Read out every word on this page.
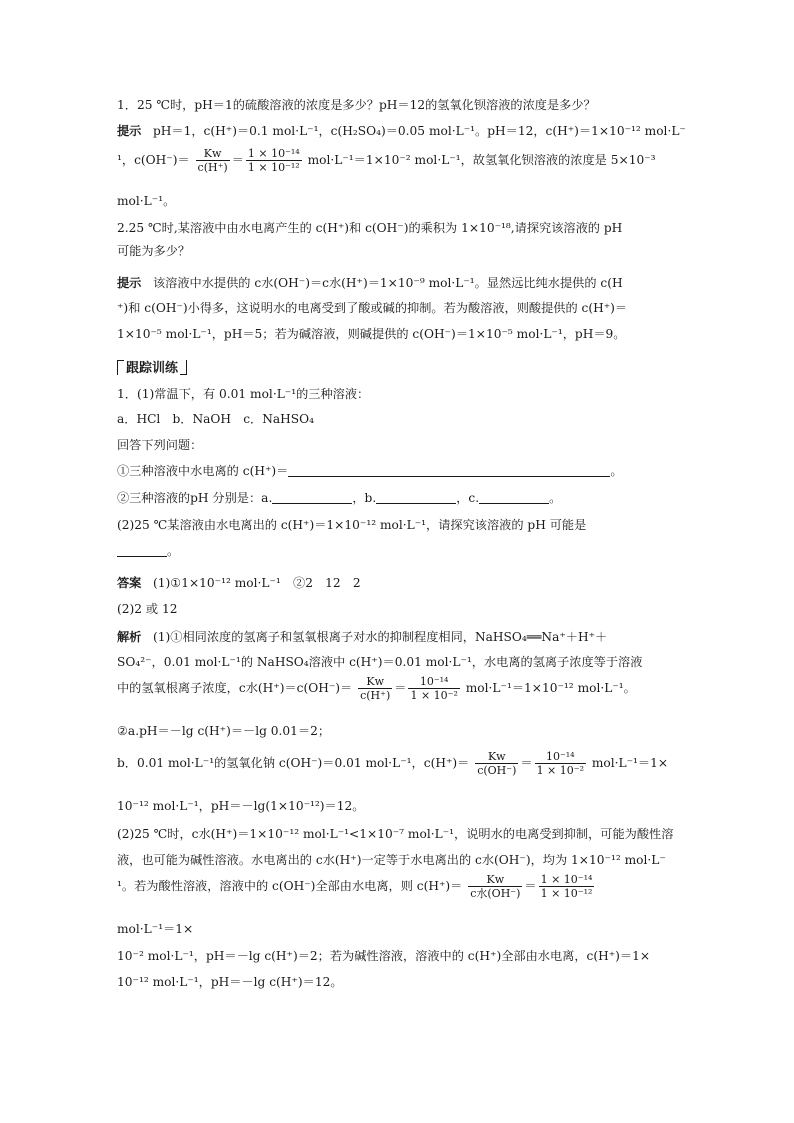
1．25 ℃时，pH＝1的硫酸溶液的浓度是多少？pH＝12的氢氧化钡溶液的浓度是多少？
提示 pH＝1，c(H⁺)＝0.1 mol·L⁻¹，c(H₂SO₄)＝0.05 mol·L⁻¹。pH＝12，c(H⁺)＝1×10⁻¹² mol·L⁻
¹，$c(OH^-)= \frac{Kw}{c(H^+)} = \frac{\text{1 × 10⁻¹⁴}}{\text{1 × 10⁻¹²}} mol\cdot L^{-1}=1\times 10^{-2}$ mol·L⁻¹，故氢氧化钡溶液的浓度是 5×10⁻³
mol·L⁻¹。
2.25 ℃时,某溶液中由水电离产生的 c(H⁺)和 c(OH⁻)的乘积为 1×10⁻¹⁸,请探究该溶液的 pH
可能为多少？
提示 该溶液中水提供的 c水(OH⁻)＝c水(H⁺)＝1×10⁻⁹ mol·L⁻¹。显然远比纯水提供的 c(H
⁺)和 c(OH⁻)小得多，这说明水的电离受到了酸或碱的抑制。若为酸溶液，则酸提供的 c(H⁺)＝
1×10⁻⁵ mol·L⁻¹，pH＝5；若为碱溶液，则碱提供的 c(OH⁻)＝1×10⁻⁵ mol·L⁻¹，pH＝9。
跟踪训练
1．(1)常温下，有 0.01 mol·L⁻¹的三种溶液：
a．HCl　b．NaOH　c．NaHSO₄
回答下列问题：
①三种溶液中水电离的 c(H⁺)＝	。
②三种溶液的pH 分别是：a.	，b.	，c.	。
(2)25 ℃某溶液由水电离出的 c(H⁺)＝1×10⁻¹² mol·L⁻¹，请探究该溶液的 pH 可能是
。
答案 (1)①1×10⁻¹² mol·L⁻¹　②2　12　2
(2)2 或 12
解析 (1)①相同浓度的氢离子和氢氧根离子对水的抑制程度相同，NaHSO₄══Na⁺＋H⁺＋
SO₄²⁻，0.01 mol·L⁻¹的 NaHSO₄溶液中 c(H⁺)＝0.01 mol·L⁻¹，水电离的氢离子浓度等于溶液
中的氢氧根离子浓度，c水$(H^+)=c(OH^-)= \frac{Kw}{c(H^+)} = \frac{\text{10⁻¹⁴}}{\text{1 × 10⁻²}} mol\cdot L^{-1}=1\times 10^{-12}$ mol·L⁻¹。
②a.pH＝－lg c(H⁺)＝－lg 0.01＝2；
b．0.01 mol·L⁻¹的氢氧化钠 c(OH⁻)＝0.01 mol·L⁻¹，$c(H^+)= \frac{Kw}{c(OH^-)} = \frac{\text{10⁻¹⁴}}{\text{1 × 10⁻²}} mol\cdot L^{-1}=1\times$
10⁻¹² mol·L⁻¹，pH＝－lg(1×10⁻¹²)＝12。
(2)25 ℃时，c水(H⁺)＝1×10⁻¹² mol·L⁻¹<1×10⁻⁷ mol·L⁻¹，说明水的电离受到抑制，可能为酸性溶
液，也可能为碱性溶液。水电离出的 c水(H⁺)一定等于水电离出的 c水(OH⁻)，均为 1×10⁻¹² mol·L⁻
¹。若为酸性溶液，溶液中的 c(OH⁻)全部由水电离，则 $c(H^+)= \frac{Kw}{\text{c水(OH⁻)}} = \frac{\text{1 × 10⁻¹⁴}}{\text{1 × 10⁻¹²}}$
mol·L⁻¹＝1×
10⁻² mol·L⁻¹，pH＝－lg c(H⁺)＝2；若为碱性溶液，溶液中的 c(H⁺)全部由水电离，c(H⁺)＝1×
10⁻¹² mol·L⁻¹，pH＝－lg c(H⁺)＝12。
